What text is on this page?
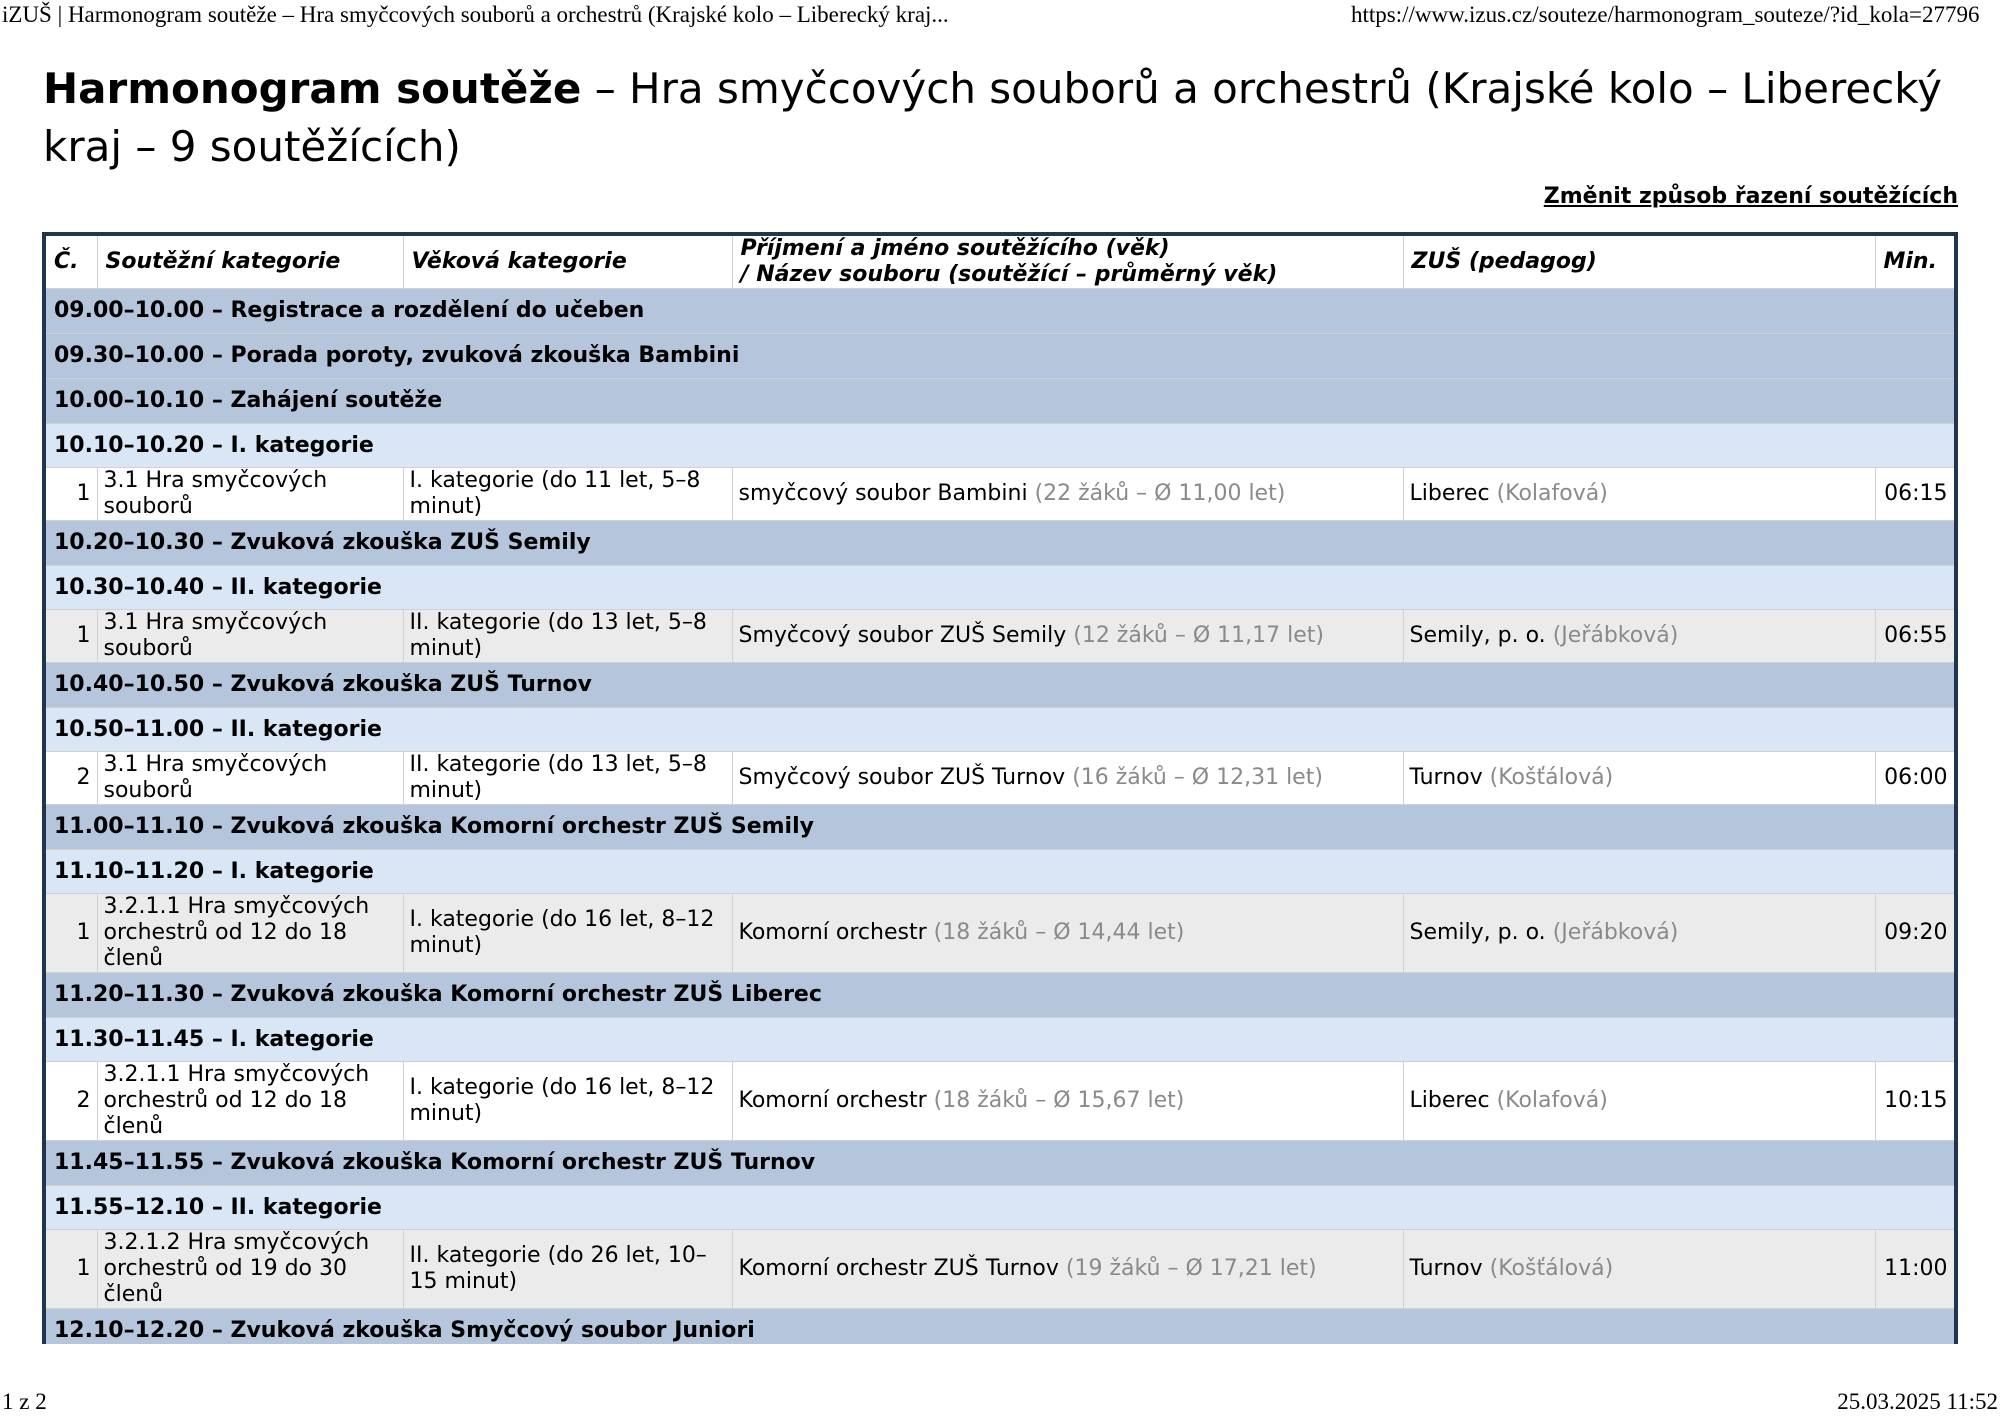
iZUŠ | Harmonogram soutěže – Hra smyčcových souborů a orchestrů (Krajské kolo – Liberecký kraj...	https://www.izus.cz/souteze/harmonogram_souteze/?id_kola=27796
Harmonogram soutěže – Hra smyčcových souborů a orchestrů (Krajské kolo – Liberecký kraj – 9 soutěžících)
Změnit způsob řazení soutěžících
Č.	Soutěžní kategorie	Věková kategorie	Příjmení a jméno soutěžícího (věk)
/ Název souboru (soutěžící – průměrný věk)	ZUŠ (pedagog)	Min.
09.00–10.00 – Registrace a rozdělení do učeben					
09.30–10.00 – Porada poroty, zvuková zkouška Bambini					
10.00–10.10 – Zahájení soutěže					
10.10–10.20 – I. kategorie					
1	3.1 Hra smyčcových souborů	I. kategorie (do 11 let, 5–8 minut)	smyčcový soubor Bambini (22 žáků – Ø 11,00 let)	Liberec (Kolafová)	06:15
10.20–10.30 – Zvuková zkouška ZUŠ Semily					
10.30–10.40 – II. kategorie					
1	3.1 Hra smyčcových souborů	II. kategorie (do 13 let, 5–8 minut)	Smyčcový soubor ZUŠ Semily (12 žáků – Ø 11,17 let)	Semily, p. o. (Jeřábková)	06:55
10.40–10.50 – Zvuková zkouška ZUŠ Turnov					
10.50–11.00 – II. kategorie					
2	3.1 Hra smyčcových souborů	II. kategorie (do 13 let, 5–8 minut)	Smyčcový soubor ZUŠ Turnov (16 žáků – Ø 12,31 let)	Turnov (Košťálová)	06:00
11.00–11.10 – Zvuková zkouška Komorní orchestr ZUŠ Semily					
11.10–11.20 – I. kategorie					
1	3.2.1.1 Hra smyčcových orchestrů od 12 do 18 členů	I. kategorie (do 16 let, 8–12 minut)	Komorní orchestr (18 žáků – Ø 14,44 let)	Semily, p. o. (Jeřábková)	09:20
11.20–11.30 – Zvuková zkouška Komorní orchestr ZUŠ Liberec					
11.30–11.45 – I. kategorie					
2	3.2.1.1 Hra smyčcových orchestrů od 12 do 18 členů	I. kategorie (do 16 let, 8–12 minut)	Komorní orchestr (18 žáků – Ø 15,67 let)	Liberec (Kolafová)	10:15
11.45–11.55 – Zvuková zkouška Komorní orchestr ZUŠ Turnov					
11.55–12.10 – II. kategorie					
1	3.2.1.2 Hra smyčcových orchestrů od 19 do 30 členů	II. kategorie (do 26 let, 10–15 minut)	Komorní orchestr ZUŠ Turnov (19 žáků – Ø 17,21 let)	Turnov (Košťálová)	11:00
12.10–12.20 – Zvuková zkouška Smyčcový soubor Juniori					
1 z 2	25.03.2025 11:52
